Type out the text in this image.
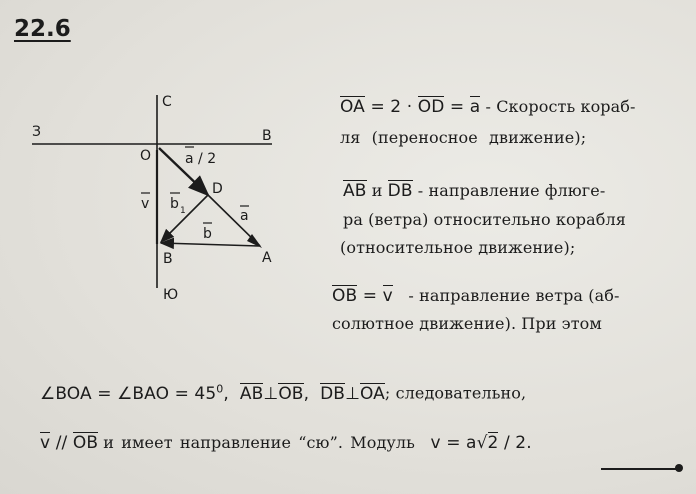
22.6
С
З	В
Ю
O
D
A
B
a / 2
a
b
b 1
v
OA = 2 · OD = a - Скорость кораб-
ля (переносное движение);
AB и DB - направление флюге-
ра (ветра) относительно корабля
(относительное движение);
OB = v - направление ветра (аб-
солютное движение). При этом
∠BOA = ∠BAO = $45^0$, AB⊥OB, DB⊥OA; следовательно,
v // OB и имеет направление “сю”. Модуль v = a√2 / 2.
